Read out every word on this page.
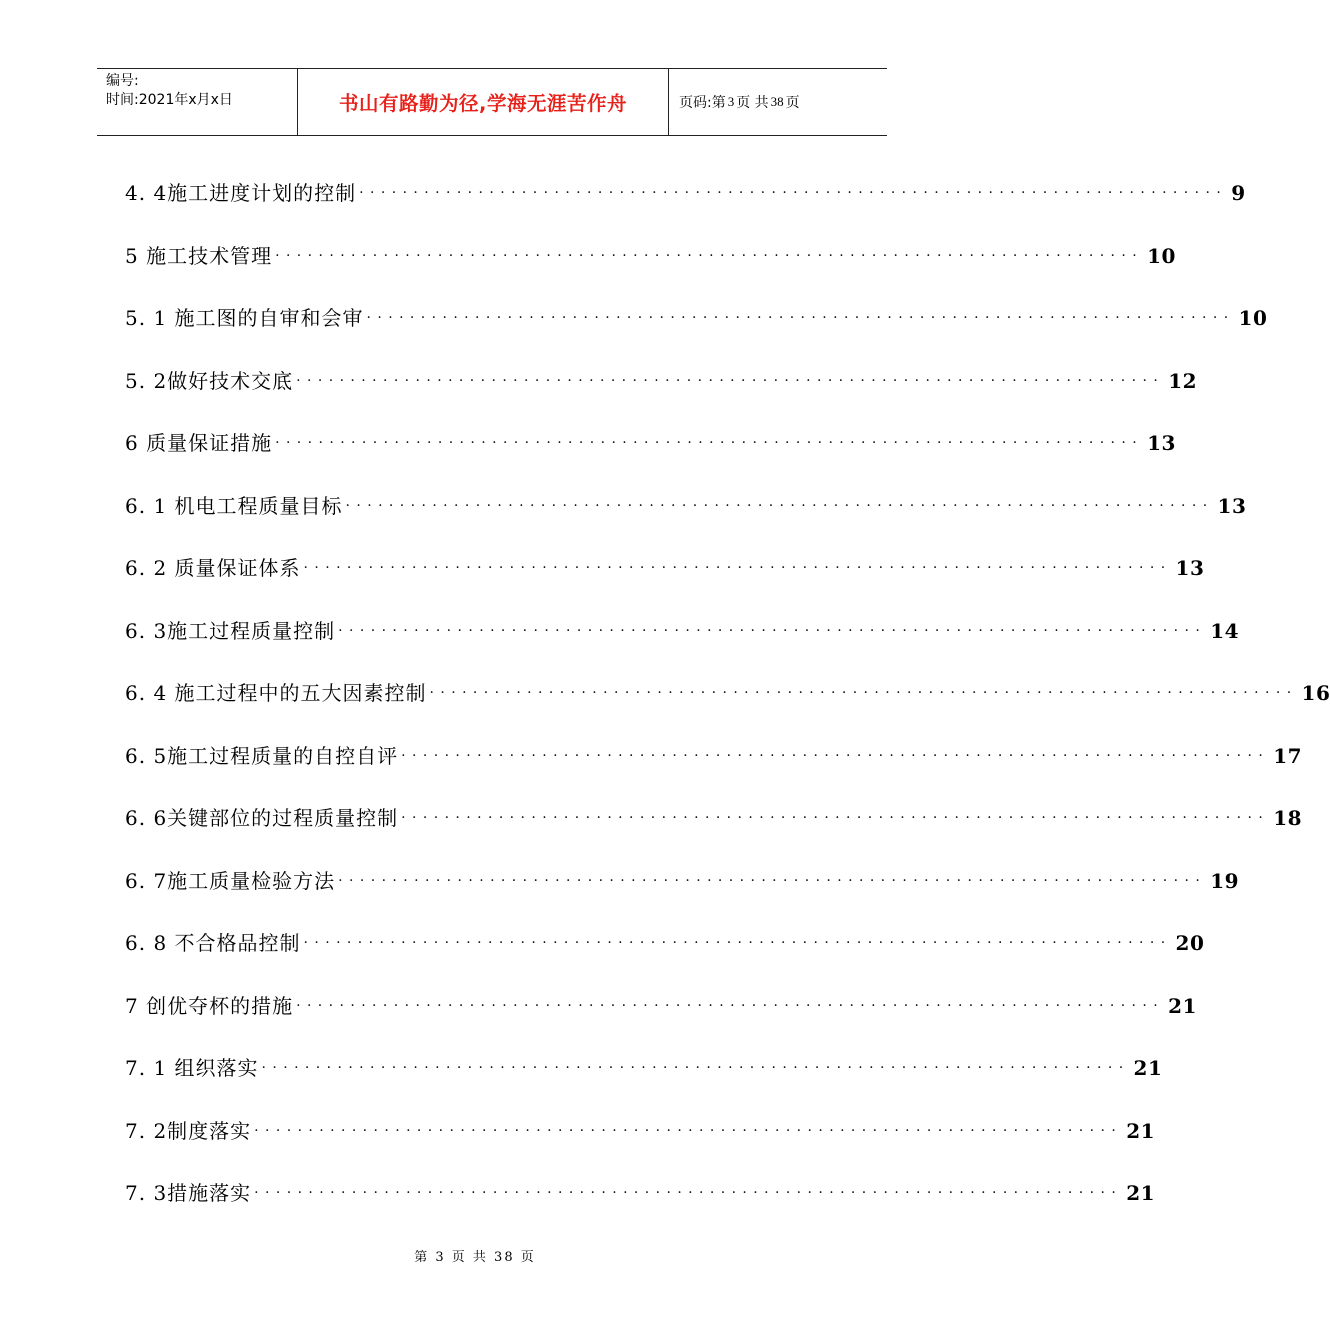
编号:
时间:2021年x月x日	书山有路勤为径,学海无涯苦作舟	页码:第 3 页 共 38 页
4. 4施工进度计划的控制 ················································································ 9
5 施工技术管理 ················································································ 10
5. 1 施工图的自审和会审 ················································································ 10
5. 2做好技术交底 ················································································ 12
6 质量保证措施 ················································································ 13
6. 1 机电工程质量目标 ················································································ 13
6. 2 质量保证体系 ················································································ 13
6. 3施工过程质量控制 ················································································ 14
6. 4 施工过程中的五大因素控制 ················································································ 16
6. 5施工过程质量的自控自评 ················································································ 17
6. 6关键部位的过程质量控制 ················································································ 18
6. 7施工质量检验方法 ················································································ 19
6. 8 不合格品控制 ················································································ 20
7 创优夺杯的措施 ················································································ 21
7. 1 组织落实 ················································································ 21
7. 2制度落实 ················································································ 21
7. 3措施落实 ················································································ 21
第 3 页 共 38 页
